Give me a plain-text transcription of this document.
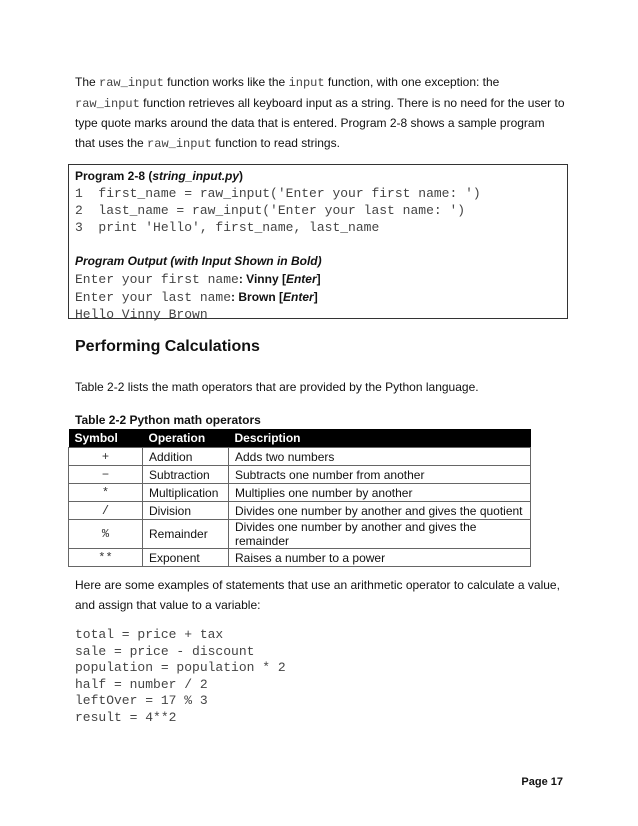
The raw_input function works like the input function, with one exception: the raw_input function retrieves all keyboard input as a string. There is no need for the user to type quote marks around the data that is entered. Program 2-8 shows a sample program that uses the raw_input function to read strings.

Program 2-8 (string_input.py)
1  first_name = raw_input('Enter your first name: ')
2  last_name = raw_input('Enter your last name: ')
3  print 'Hello', first_name, last_name
Program Output (with Input Shown in Bold)
Enter your first name: Vinny [Enter]
Enter your last name: Brown [Enter]
Hello Vinny Brown
Performing Calculations

Table 2-2 lists the math operators that are provided by the Python language.

Table 2-2 Python math operators

Symbol	Operation	Description
+	Addition	Adds two numbers
−	Subtraction	Subtracts one number from another
*	Multiplication	Multiplies one number by another
/	Division	Divides one number by another and gives the quotient
%	Remainder	Divides one number by another and gives the remainder
**	Exponent	Raises a number to a power

Here are some examples of statements that use an arithmetic operator to calculate a value, and assign that value to a variable:

total = price + tax
sale = price - discount
population = population * 2
half = number / 2
leftOver = 17 % 3
result = 4**2
Page 17
